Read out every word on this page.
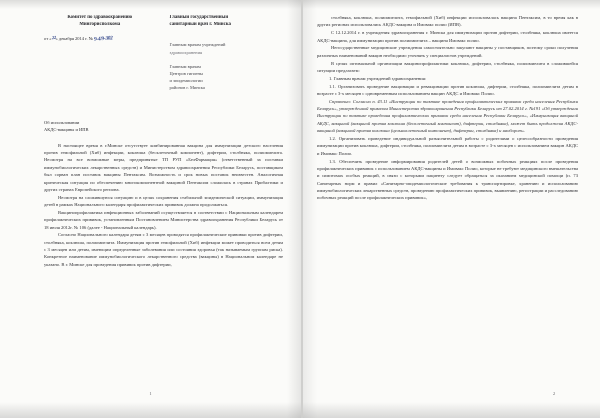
Комитет по здравоохранению
Мингорисполкома
от «22» декабря 2014 г. № 9-4/9-302
Главный государственный
санитарный врач г. Минска
Главным врачам учреждений
здравоохранения
Главным врачам
Центров гигиены
и эпидемиологии
районов г. Минска
Об использовании
АКДС-вакцины и ИПВ

В настоящее время в г.Минске отсутствует комбинированная вакцина для иммунизации детского населения против гемофильной (Хиб) инфекции, коклюша (бесклеточный компонент), дифтерии, столбняка, полиомиелита. Несмотря на все возможные меры, предпринятые ТП РУП «БелФармация» (ответственный за поставки иммунобиологических лекарственных средств) и Министерством здравоохранения Республики Беларусь, поставщиком был сорван план поставок вакцины Пентаксим. Возможность и срок новых поставок неизвестен. Аналогичная критическая ситуация по обеспечению многокомпонентной вакциной Пентаксим сложилась в странах Прибалтики и других странах Европейского региона.

Несмотря на сложившуюся ситуацию и в целях сохранения стабильной эпидемической ситуации, иммунизация детей в рамках Национального календаря профилактических прививок должна продолжаться.

Вакцинопрофилактика инфекционных заболеваний осуществляется в соответствии с Национальным календарем профилактических прививок, установленным Постановлением Министерства здравоохранения Республики Беларусь от 18 июля 2012г. № 106 (далее - Национальный календарь).

Согласно Национального календаря детям с 3 месяцев проводятся профилактические прививки против дифтерии, столбняка, коклюша, полиомиелита. Иммунизация против гемофильной (Хиб) инфекции может проводиться всем детям с 3 месяцев или детям, имеющим определенные заболевания или состояния здоровья (так называемым группам риска). Конкретное наименование иммунобиологического лекарственного средства (вакцины) в Национальном календаре не указано. В г. Минске для проведения прививок против дифтерии,

1

столбняка, коклюша, полиомиелита, гемофильной (Хиб) инфекции использовалась вакцина Пентаксим, в то время как в других регионах использовались АКДС-вакцина и Имовакс полио (ИПВ).

С 12.12.2014 г. в учреждения здравоохранения г. Минска для иммунизации против дифтерии, столбняка, коклюша имеется АКДС-вакцина, для иммунизации против полиомиелита – вакцина Имовакс полио.

Негосударственные медицинские учреждения самостоятельно закупают вакцины у поставщиков, поэтому сроки получения различных наименований вакцин необходимо уточнять у специалистов учреждений.

В целях оптимальной организации вакцинопрофилактики коклюша, дифтерии, столбняка, полиомиелита в сложившейся ситуации предлагаем:

1. Главным врачам учреждений здравоохранения:

1.1. Организовать проведение вакцинации и ревакцинации против коклюша, дифтерии, столбняка, полиомиелита детям в возрасте с 3-х месяцев с одновременным использованием вакцин АКДС и Имовакс Полио.

Справочно: Согласно п. 43.11 «Инструкции по тактике проведения профилактических прививок среди населения Республики Беларусь», утвержденной приказом Министерства здравоохранения Республики Беларусь от 27.02.2014 г. №191 «Об утверждении Инструкции по тактике проведения профилактических прививок среди населения Республики Беларусь», «Иммунизация вакциной АКДС, вакциной (вакциной против коклюша (бесклеточный компонент), дифтерии, столбняка), может быть продолжена АКДС-вакциной (вакциной против коклюша (цельноклеточный компонент), дифтерии, столбняка) и наоборот».

1.2. Организовать проведение индивидуальной разъяснительной работы с родителями о целесообразности проведения иммунизации против коклюша, дифтерии, столбняка, полиомиелита детям в возрасте с 3-х месяцев с использованием вакцин АКДС и Имовакс Полио.

1.3. Обеспечить проведение информирования родителей детей о возможных побочных реакциях после проведения профилактических прививок с использованием АКДС-вакцины и Имовакс Полио, которые не требуют медицинского вмешательства и симптомах особых реакций, в связи с которыми пациенту следует обращаться за оказанием медицинской помощи (п. 73 Санитарных норм и правил «Санитарно-эпидемиологические требования к транспортировке, хранению и использованию иммунобиологических лекарственных средств, проведению профилактических прививок, выявлению, регистрации и расследованию побочных реакций после профилактических прививок»,

2
